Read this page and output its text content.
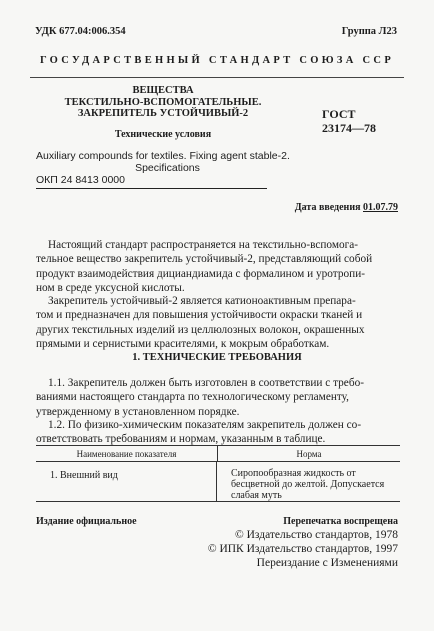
УДК 677.04:006.354	Группа Л23
ГОСУДАРСТВЕННЫЙ СТАНДАРТ СОЮЗА ССР
ВЕЩЕСТВА
ТЕКСТИЛЬНО-ВСПОМОГАТЕЛЬНЫЕ.
ЗАКРЕПИТЕЛЬ УСТОЙЧИВЫЙ-2	ГОСТ
23174—78
Технические условия
Auxiliary compounds for textiles. Fixing agent stable-2.
Specifications
ОКП 24 8413 0000
Дата введения 01.07.79
Настоящий стандарт распространяется на текстильно-вспомога-
тельное вещество закрепитель устойчивый-2, представляющий собой
продукт взаимодействия дициандиамида с формалином и уротропи-
ном в среде уксусной кислоты.
Закрепитель устойчивый-2 является катионоактивным препара-
том и предназначен для повышения устойчивости окраски тканей и
других текстильных изделий из целлюлозных волокон, окрашенных
прямыми и сернистыми красителями, к мокрым обработкам.
1. ТЕХНИЧЕСКИЕ ТРЕБОВАНИЯ
1.1. Закрепитель должен быть изготовлен в соответствии с требо-
ваниями настоящего стандарта по технологическому регламенту,
утвержденному в установленном порядке.
1.2. По физико-химическим показателям закрепитель должен со-
ответствовать требованиям и нормам, указанным в таблице.
Наименование показателя	Норма
1. Внешний вид	Сиропообразная жидкость от
бесцветной до желтой. Допускается
слабая муть
Издание официальное	Перепечатка воспрещена
© Издательство стандартов, 1978
© ИПК Издательство стандартов, 1997
Переиздание с Изменениями
